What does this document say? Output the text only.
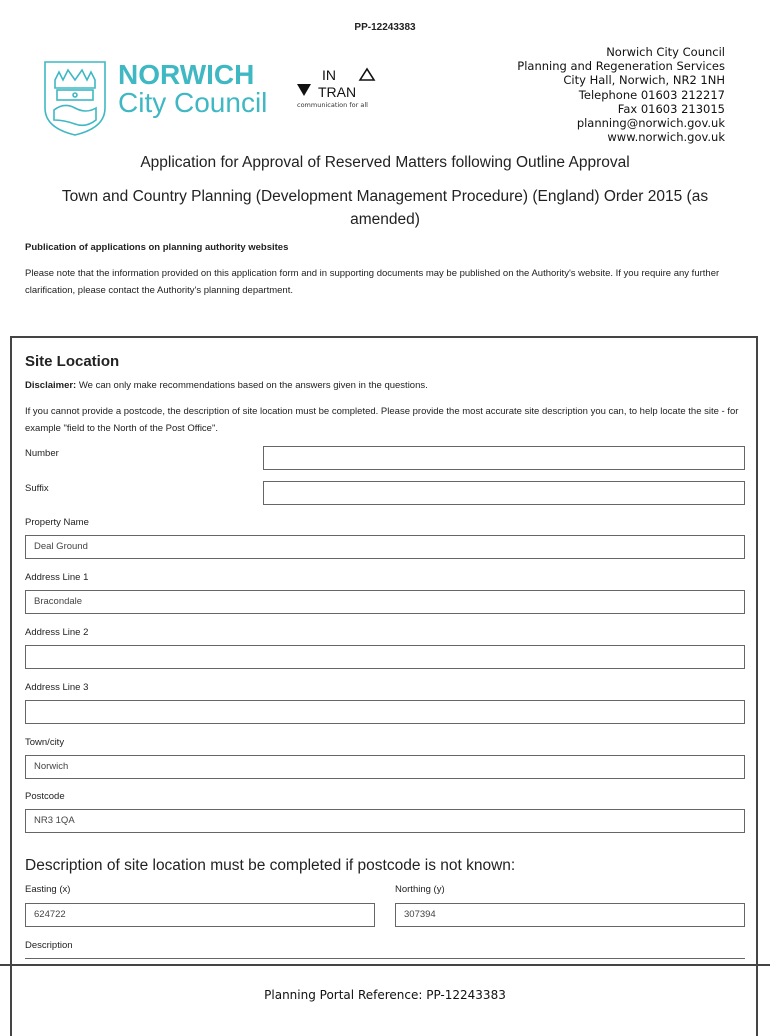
PP-12243383
NORWICH
City Council
IN
TRAN
communication for all
Norwich City Council
Planning and Regeneration Services
City Hall, Norwich, NR2 1NH
Telephone 01603 212217
Fax 01603 213015
planning@norwich.gov.uk
www.norwich.gov.uk
Application for Approval of Reserved Matters following Outline Approval
Town and Country Planning (Development Management Procedure) (England) Order 2015 (as amended)
Publication of applications on planning authority websites
Please note that the information provided on this application form and in supporting documents may be published on the Authority's website. If you require any further clarification, please contact the Authority's planning department.
Site Location
Disclaimer: We can only make recommendations based on the answers given in the questions.
If you cannot provide a postcode, the description of site location must be completed. Please provide the most accurate site description you can, to help locate the site - for example "field to the North of the Post Office".
Number
Suffix
Property Name
Deal Ground
Address Line 1
Bracondale
Address Line 2
Address Line 3
Town/city
Norwich
Postcode
NR3 1QA
Description of site location must be completed if postcode is not known:
Easting (x)
624722
Northing (y)
307394
Description
Planning Portal Reference: PP-12243383
